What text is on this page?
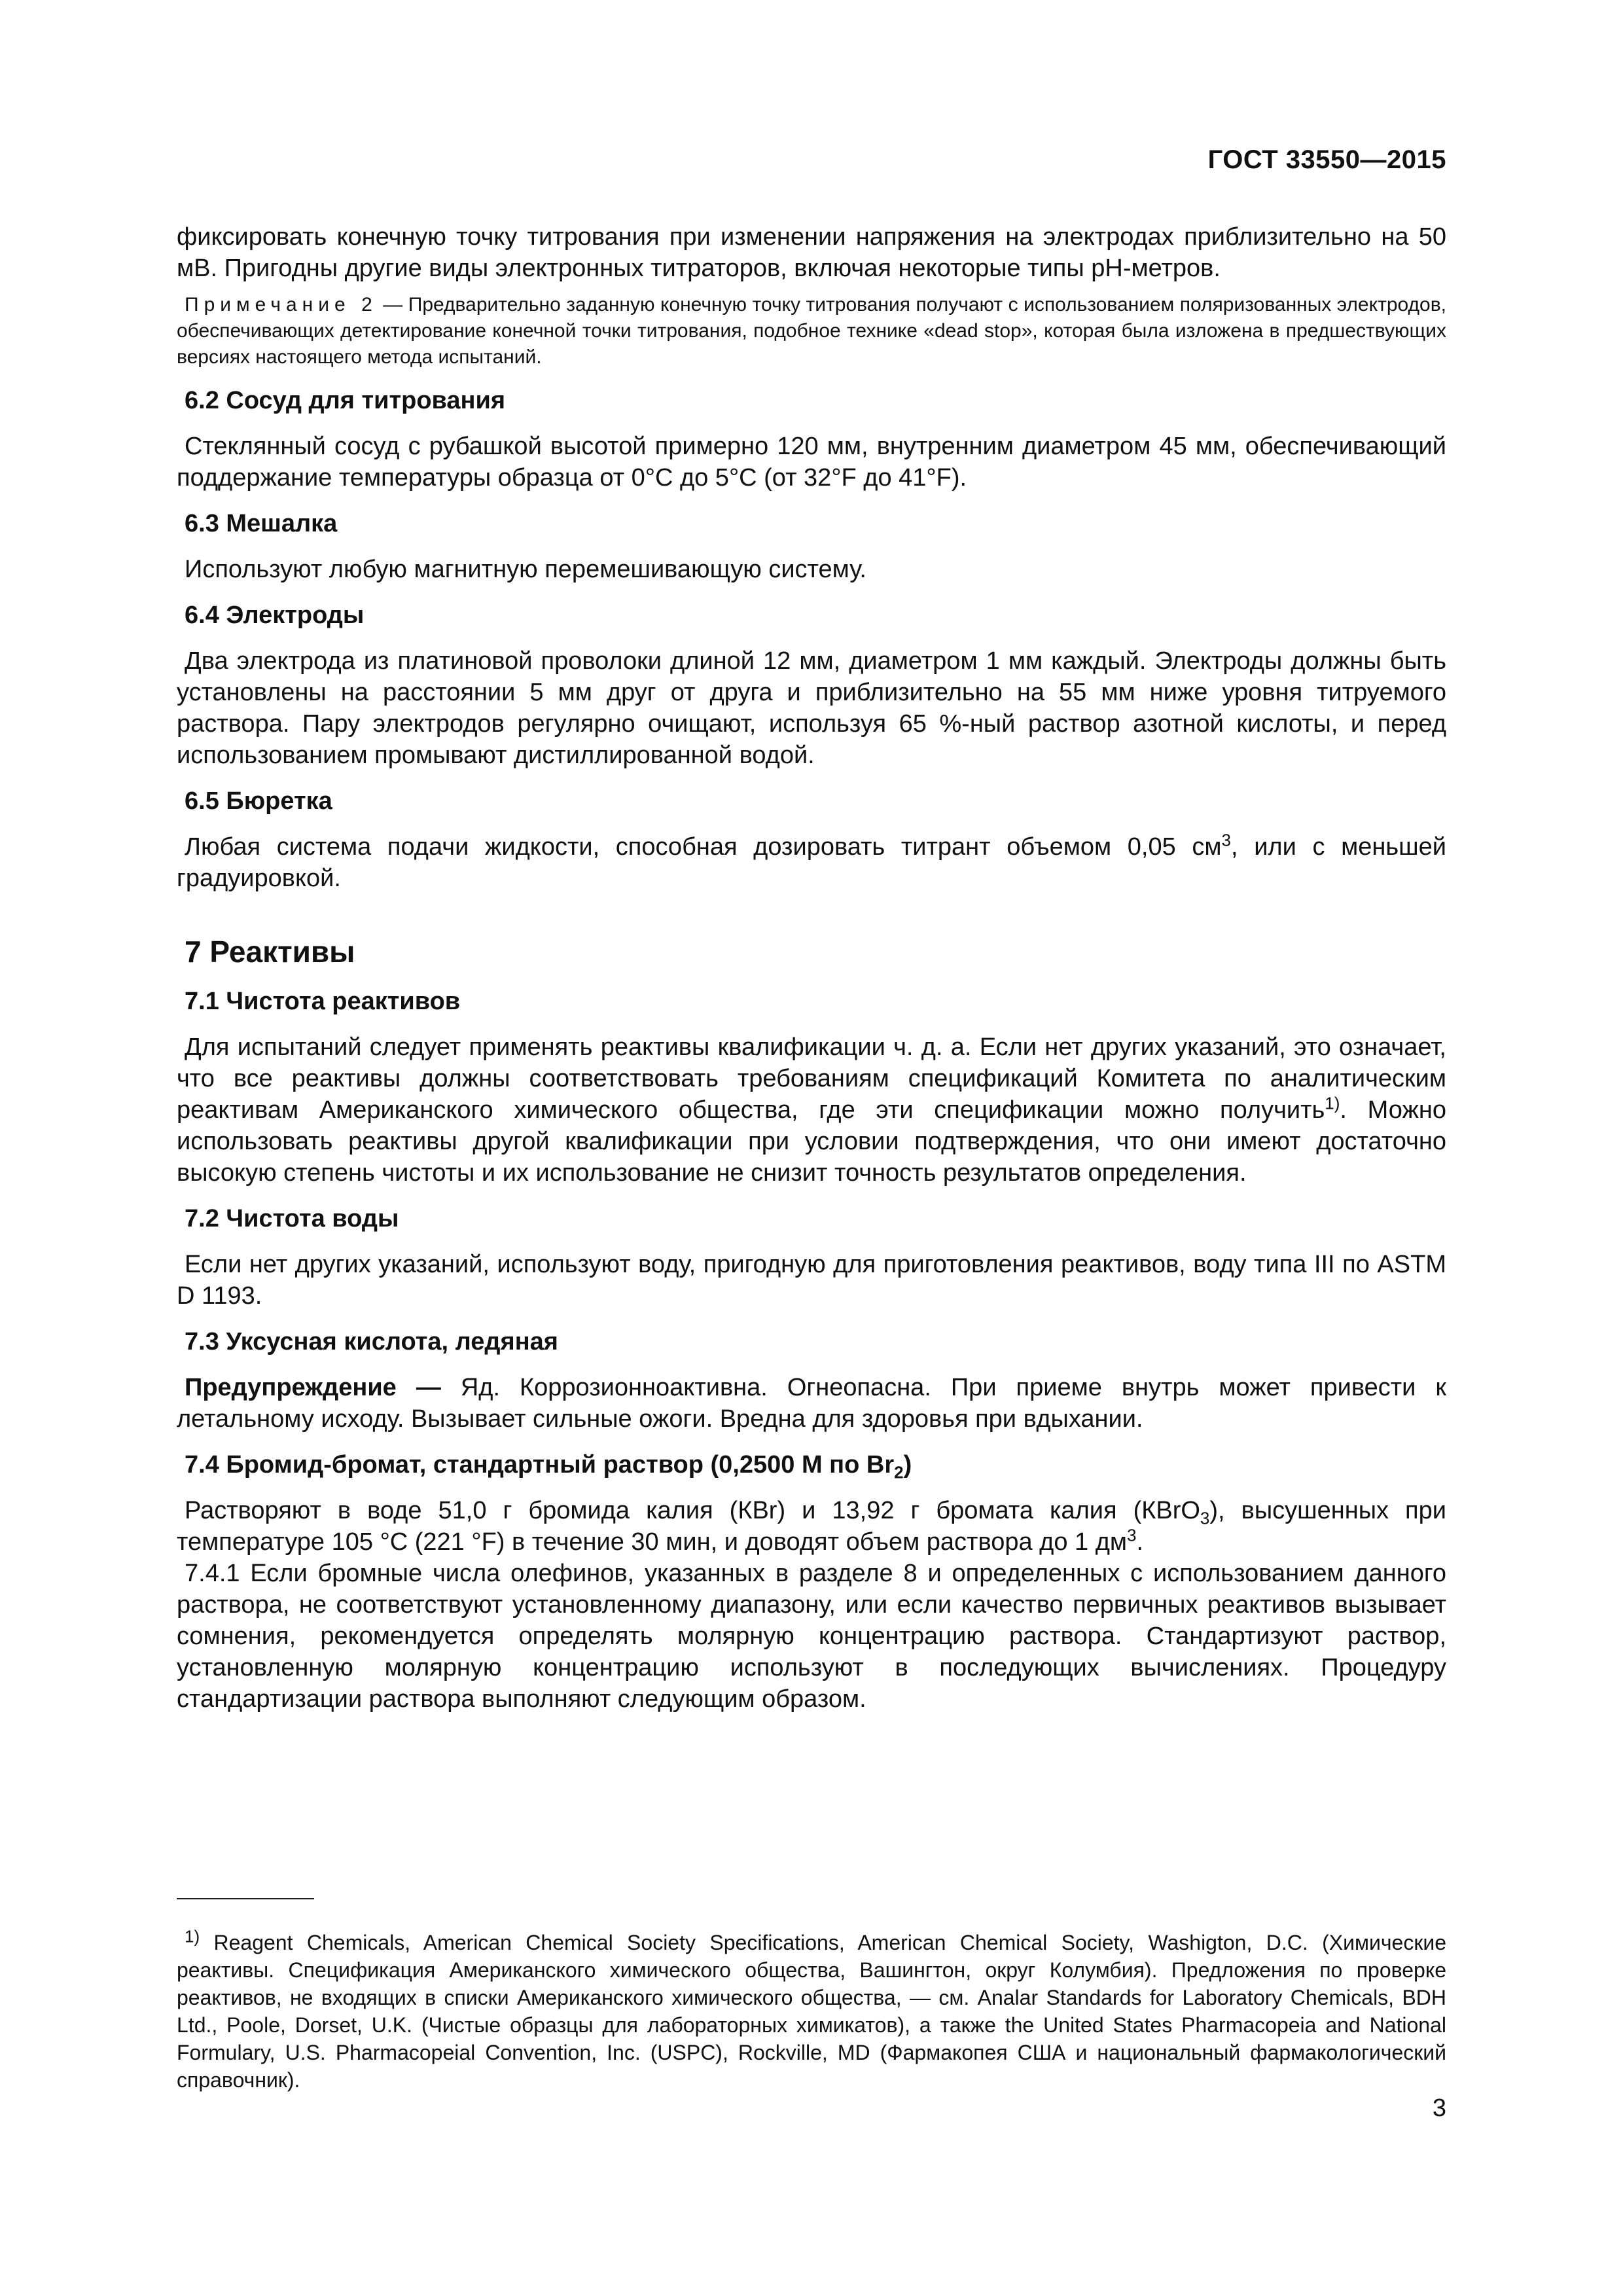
ГОСТ 33550—2015

фиксировать конечную точку титрования при изменении напряжения на электродах приблизительно на 50 мВ. Пригодны другие виды электронных титраторов, включая некоторые типы рН-метров.

Примечание 2 — Предварительно заданную конечную точку титрования получают с использованием поляризованных электродов, обеспечивающих детектирование конечной точки титрования, подобное технике «dead stop», которая была изложена в предшествующих версиях настоящего метода испытаний.

6.2 Сосуд для титрования

Стеклянный сосуд с рубашкой высотой примерно 120 мм, внутренним диаметром 45 мм, обеспечивающий поддержание температуры образца от 0°С до 5°С (от 32°F до 41°F).

6.3 Мешалка

Используют любую магнитную перемешивающую систему.

6.4 Электроды

Два электрода из платиновой проволоки длиной 12 мм, диаметром 1 мм каждый. Электроды должны быть установлены на расстоянии 5 мм друг от друга и приблизительно на 55 мм ниже уровня титруемого раствора. Пару электродов регулярно очищают, используя 65 %-ный раствор азотной кислоты, и перед использованием промывают дистиллированной водой.

6.5 Бюретка

Любая система подачи жидкости, способная дозировать титрант объемом 0,05 $см^3$, или с меньшей градуировкой.

7 Реактивы
7.1 Чистота реактивов

Для испытаний следует применять реактивы квалификации ч. д. а. Если нет других указаний, это означает, что все реактивы должны соответствовать требованиям спецификаций Комитета по аналитическим реактивам Американского химического общества, где эти спецификации можно получить$^{1)}$. Можно использовать реактивы другой квалификации при условии подтверждения, что они имеют достаточно высокую степень чистоты и их использование не снизит точность результатов определения.

7.2 Чистота воды

Если нет других указаний, используют воду, пригодную для приготовления реактивов, воду типа III по ASTM D 1193.

7.3 Уксусная кислота, ледяная

Предупреждение — Яд. Коррозионноактивна. Огнеопасна. При приеме внутрь может привести к летальному исходу. Вызывает сильные ожоги. Вредна для здоровья при вдыхании.

7.4 Бромид-бромат, стандартный раствор (0,2500 М по $Br_2$)

Растворяют в воде 51,0 г бромида калия (КВr) и 13,92 г бромата калия (КВrО$_3$), высушенных при температуре 105 °С (221 °F) в течение 30 мин, и доводят объем раствора до 1 $дм^3$.

7.4.1 Если бромные числа олефинов, указанных в разделе 8 и определенных с использованием данного раствора, не соответствуют установленному диапазону, или если качество первичных реактивов вызывает сомнения, рекомендуется определять молярную концентрацию раствора. Стандартизуют раствор, установленную молярную концентрацию используют в последующих вычислениях. Процедуру стандартизации раствора выполняют следующим образом.

$^{1)}$ Reagent Chemicals, American Chemical Society Specifications, American Chemical Society, Washigton, D.C. (Химические реактивы. Спецификация Американского химического общества, Вашингтон, округ Колумбия). Предложения по проверке реактивов, не входящих в списки Американского химического общества, — см. Analar Standards for Laboratory Chemicals, BDH Ltd., Poole, Dorset, U.K. (Чистые образцы для лабораторных химикатов), а также the United States Pharmacopeia and National Formulary, U.S. Pharmacopeial Convention, Inc. (USPC), Rockville, MD (Фармакопея США и национальный фармакологический справочник).

3
